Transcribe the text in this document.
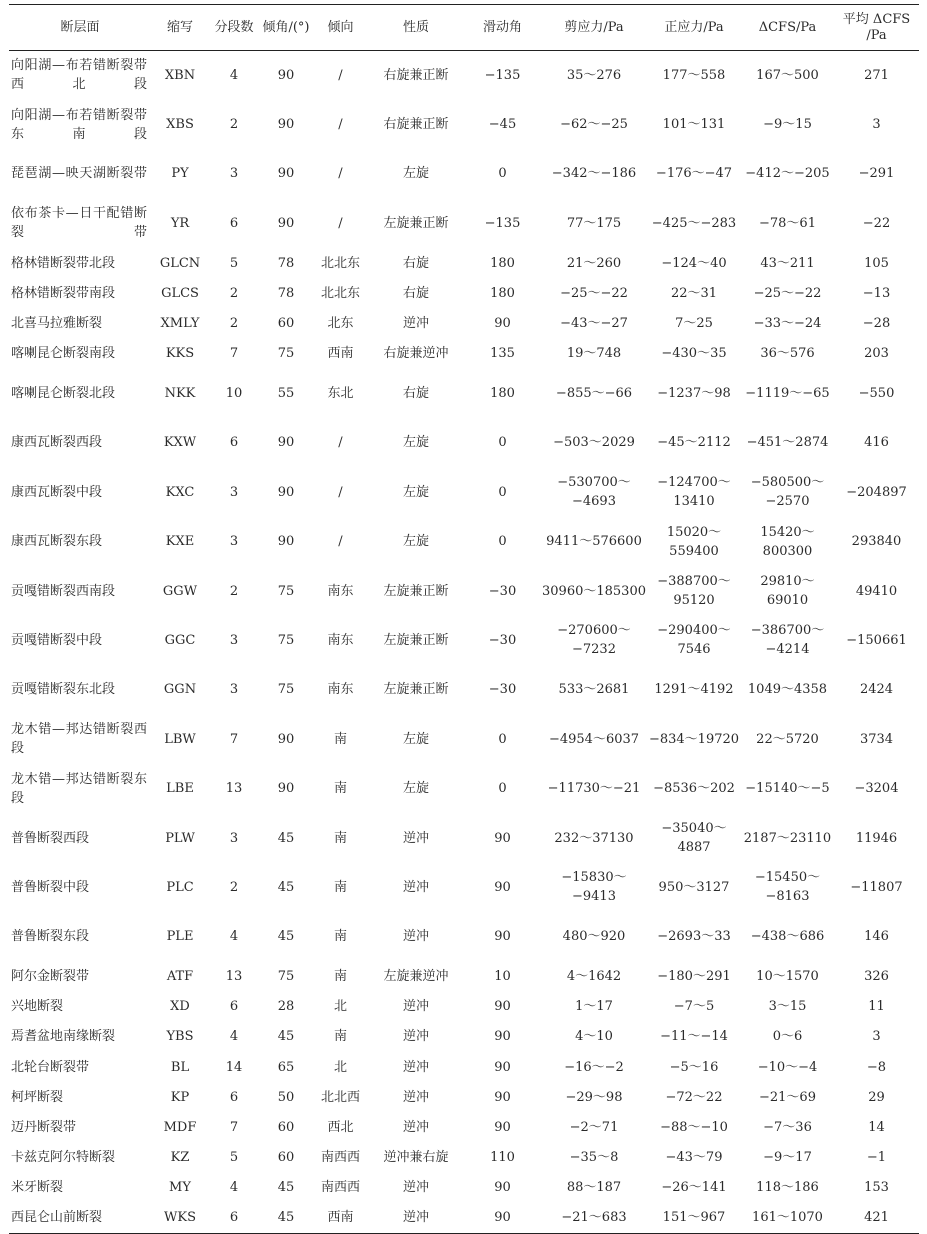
断层面	缩写	分段数	倾角/(°)	倾向	性质	滑动角	剪应力/Pa	正应力/Pa	ΔCFS/Pa	平均 ΔCFS /Pa
向阳湖—布若错断裂带西北段	XBN	4	90	/	右旋兼正断	−135	35～276	177～558	167～500	271
向阳湖—布若错断裂带东南段	XBS	2	90	/	右旋兼正断	−45	−62～−25	101～131	−9～15	3
琵琶湖—映天湖断裂带	PY	3	90	/	左旋	0	−342～−186	−176～−47	−412～−205	−291
依布茶卡—日干配错断裂带	YR	6	90	/	左旋兼正断	−135	77～175	−425～−283	−78～61	−22
格林错断裂带北段	GLCN	5	78	北北东	右旋	180	21～260	−124～40	43～211	105
格林错断裂带南段	GLCS	2	78	北北东	右旋	180	−25～−22	22～31	−25～−22	−13
北喜马拉雅断裂	XMLY	2	60	北东	逆冲	90	−43～−27	7～25	−33～−24	−28
喀喇昆仑断裂南段	KKS	7	75	西南	右旋兼逆冲	135	19～748	−430～35	36～576	203
喀喇昆仑断裂北段	NKK	10	55	东北	右旋	180	−855～−66	−1237～98	−1119～−65	−550
康西瓦断裂西段	KXW	6	90	/	左旋	0	−503～2029	−45～2112	−451～2874	416
康西瓦断裂中段	KXC	3	90	/	左旋	0	−530700～−4693	−124700～13410	−580500～−2570	−204897
康西瓦断裂东段	KXE	3	90	/	左旋	0	9411～576600	15020～559400	15420～800300	293840
贡嘎错断裂西南段	GGW	2	75	南东	左旋兼正断	−30	30960～185300	−388700～95120	29810～69010	49410
贡嘎错断裂中段	GGC	3	75	南东	左旋兼正断	−30	−270600～−7232	−290400～7546	−386700～−4214	−150661
贡嘎错断裂东北段	GGN	3	75	南东	左旋兼正断	−30	533～2681	1291～4192	1049～4358	2424
龙木错—邦达错断裂西段	LBW	7	90	南	左旋	0	−4954～6037	−834～19720	22～5720	3734
龙木错—邦达错断裂东段	LBE	13	90	南	左旋	0	−11730～−21	−8536～202	−15140～−5	−3204
普鲁断裂西段	PLW	3	45	南	逆冲	90	232～37130	−35040～4887	2187～23110	11946
普鲁断裂中段	PLC	2	45	南	逆冲	90	−15830～−9413	950～3127	−15450～−8163	−11807
普鲁断裂东段	PLE	4	45	南	逆冲	90	480～920	−2693～33	−438～686	146
阿尔金断裂带	ATF	13	75	南	左旋兼逆冲	10	4～1642	−180～291	10～1570	326
兴地断裂	XD	6	28	北	逆冲	90	1～17	−7～5	3～15	11
焉耆盆地南缘断裂	YBS	4	45	南	逆冲	90	4～10	−11～−14	0～6	3
北轮台断裂带	BL	14	65	北	逆冲	90	−16～−2	−5～16	−10～−4	−8
柯坪断裂	KP	6	50	北北西	逆冲	90	−29～98	−72～22	−21～69	29
迈丹断裂带	MDF	7	60	西北	逆冲	90	−2～71	−88～−10	−7～36	14
卡兹克阿尔特断裂	KZ	5	60	南西西	逆冲兼右旋	110	−35～8	−43～79	−9～17	−1
米牙断裂	MY	4	45	南西西	逆冲	90	88～187	−26～141	118～186	153
西昆仑山前断裂	WKS	6	45	西南	逆冲	90	−21～683	151～967	161～1070	421
